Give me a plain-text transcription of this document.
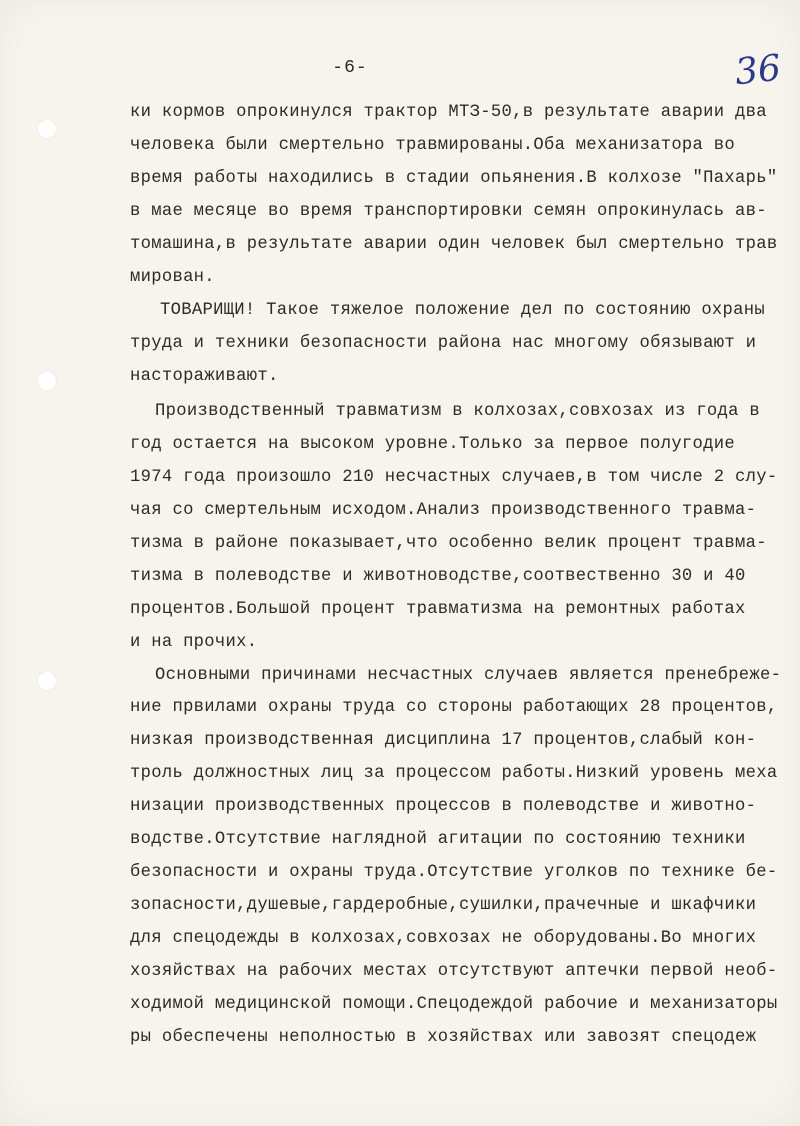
-6-	36
ки кормов опрокинулся трактор МТЗ-50,в результате аварии два
человека были смертельно травмированы.Оба механизатора во
время работы находились в стадии опьянения.В колхозе "Пахарь"
в мае месяце во время транспортировки семян опрокинулась ав-
томашина,в результате аварии один человек был смертельно трав
мирован.
ТОВАРИЩИ! Такое тяжелое положение дел по состоянию охраны
труда и техники безопасности района нас многому обязывают и
настораживают.
Производственный травматизм в колхозах,совхозах из года в
год остается на высоком уровне.Только за первое полугодие
1974 года произошло 210 несчастных случаев,в том числе 2 слу-
чая со смертельным исходом.Анализ производственного травма-
тизма в районе показывает,что особенно велик процент травма-
тизма в полеводстве и животноводстве,соотвественно 30 и 40
процентов.Большой процент травматизма на ремонтных работах
и на прочих.
Основными причинами несчастных случаев является пренебреже-
ние првилами охраны труда со стороны работающих 28 процентов,
низкая производственная дисциплина 17 процентов,слабый кон-
троль должностных лиц за процессом работы.Низкий уровень меха
низации производственных процессов в полеводстве и животно-
водстве.Отсутствие наглядной агитации по состоянию техники
безопасности и охраны труда.Отсутствие уголков по технике бе-
зопасности,душевые,гардеробные,сушилки,прачечные и шкафчики
для спецодежды в колхозах,совхозах не оборудованы.Во многих
хозяйствах на рабочих местах отсутствуют аптечки первой необ-
ходимой медицинской помощи.Спецодеждой рабочие и механизаторы
ры обеспечены неполностью в хозяйствах или завозят спецодеж
